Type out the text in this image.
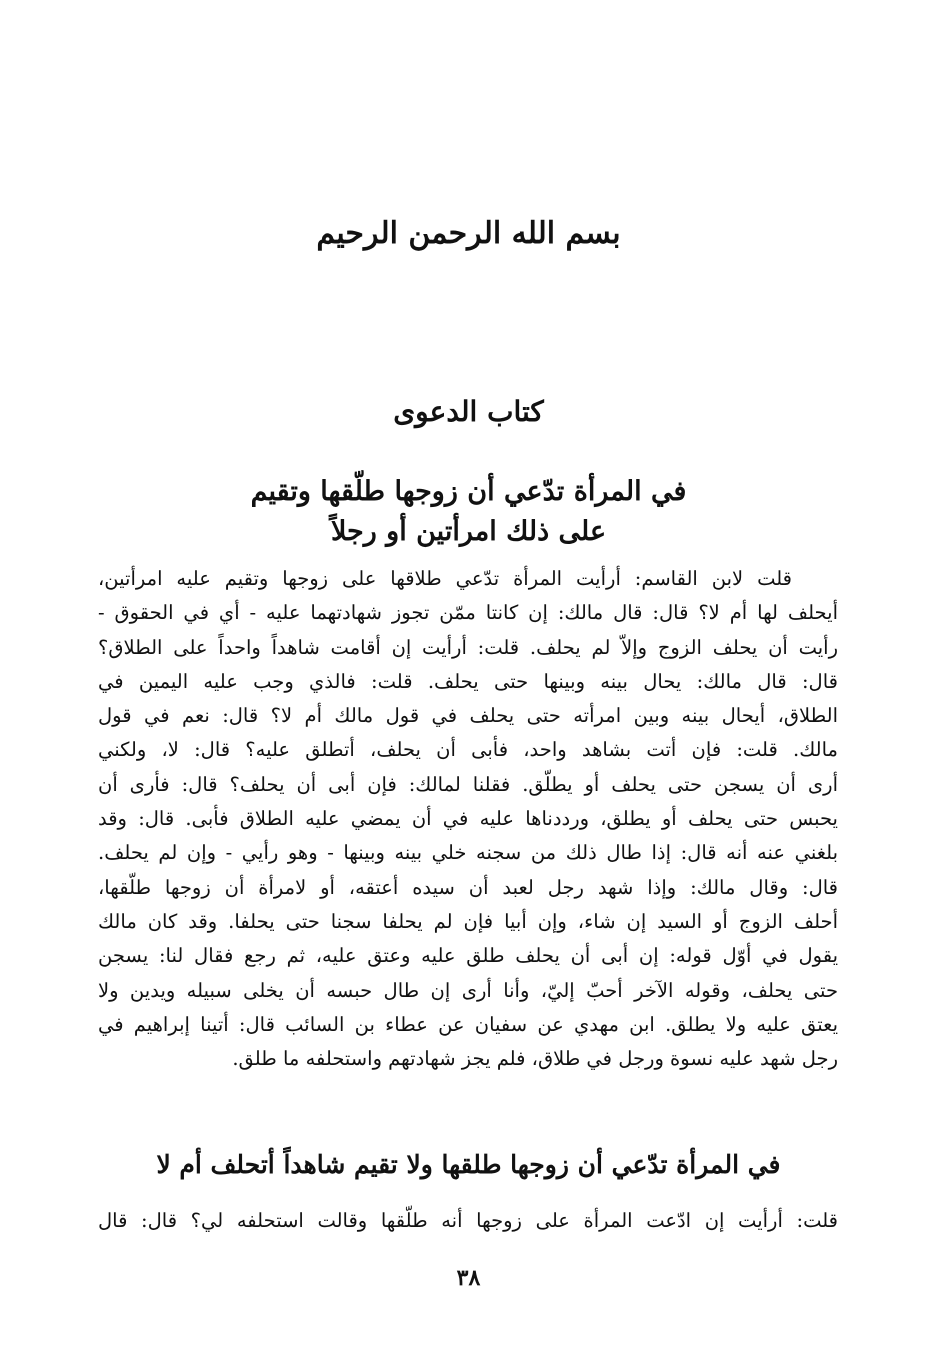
بسم الله الرحمن الرحيم
كتاب الدعوى
في المرأة تدّعي أن زوجها طلّقها وتقيم
على ذلك امرأتين أو رجلاً
قلت لابن القاسم: أرأيت المرأة تدّعي طلاقها على زوجها وتقيم عليه امرأتين،
أيحلف لها أم لا؟ قال: قال مالك: إن كانتا ممّن تجوز شهادتهما عليه - أي في الحقوق -
رأيت أن يحلف الزوج وإلاّ لم يحلف. قلت: أرأيت إن أقامت شاهداً واحداً على الطلاق؟
قال: قال مالك: يحال بينه وبينها حتى يحلف. قلت: فالذي وجب عليه اليمين في
الطلاق، أيحال بينه وبين امرأته حتى يحلف في قول مالك أم لا؟ قال: نعم في قول
مالك. قلت: فإن أتت بشاهد واحد، فأبى أن يحلف، أتطلق عليه؟ قال: لا، ولكني
أرى أن يسجن حتى يحلف أو يطلّق. فقلنا لمالك: فإن أبى أن يحلف؟ قال: فأرى أن
يحبس حتى يحلف أو يطلق، ورددناها عليه في أن يمضي عليه الطلاق فأبى. قال: وقد
بلغني عنه أنه قال: إذا طال ذلك من سجنه خلي بينه وبينها - وهو رأيي - وإن لم يحلف.
قال: وقال مالك: وإذا شهد رجل لعبد أن سيده أعتقه، أو لامرأة أن زوجها طلّقها،
أحلف الزوج أو السيد إن شاء، وإن أبيا فإن لم يحلفا سجنا حتى يحلفا. وقد كان مالك
يقول في أوّل قوله: إن أبى أن يحلف طلق عليه وعتق عليه، ثم رجع فقال لنا: يسجن
حتى يحلف، وقوله الآخر أحبّ إليّ، وأنا أرى إن طال حبسه أن يخلى سبيله ويدين ولا
يعتق عليه ولا يطلق. ابن مهدي عن سفيان عن عطاء بن السائب قال: أتينا إبراهيم في
رجل شهد عليه نسوة ورجل في طلاق، فلم يجز شهادتهم واستحلفه ما طلق.
في المرأة تدّعي أن زوجها طلقها ولا تقيم شاهداً أتحلف أم لا
قلت: أرأيت إن ادّعت المرأة على زوجها أنه طلّقها وقالت استحلفه لي؟ قال: قال
٣٨
